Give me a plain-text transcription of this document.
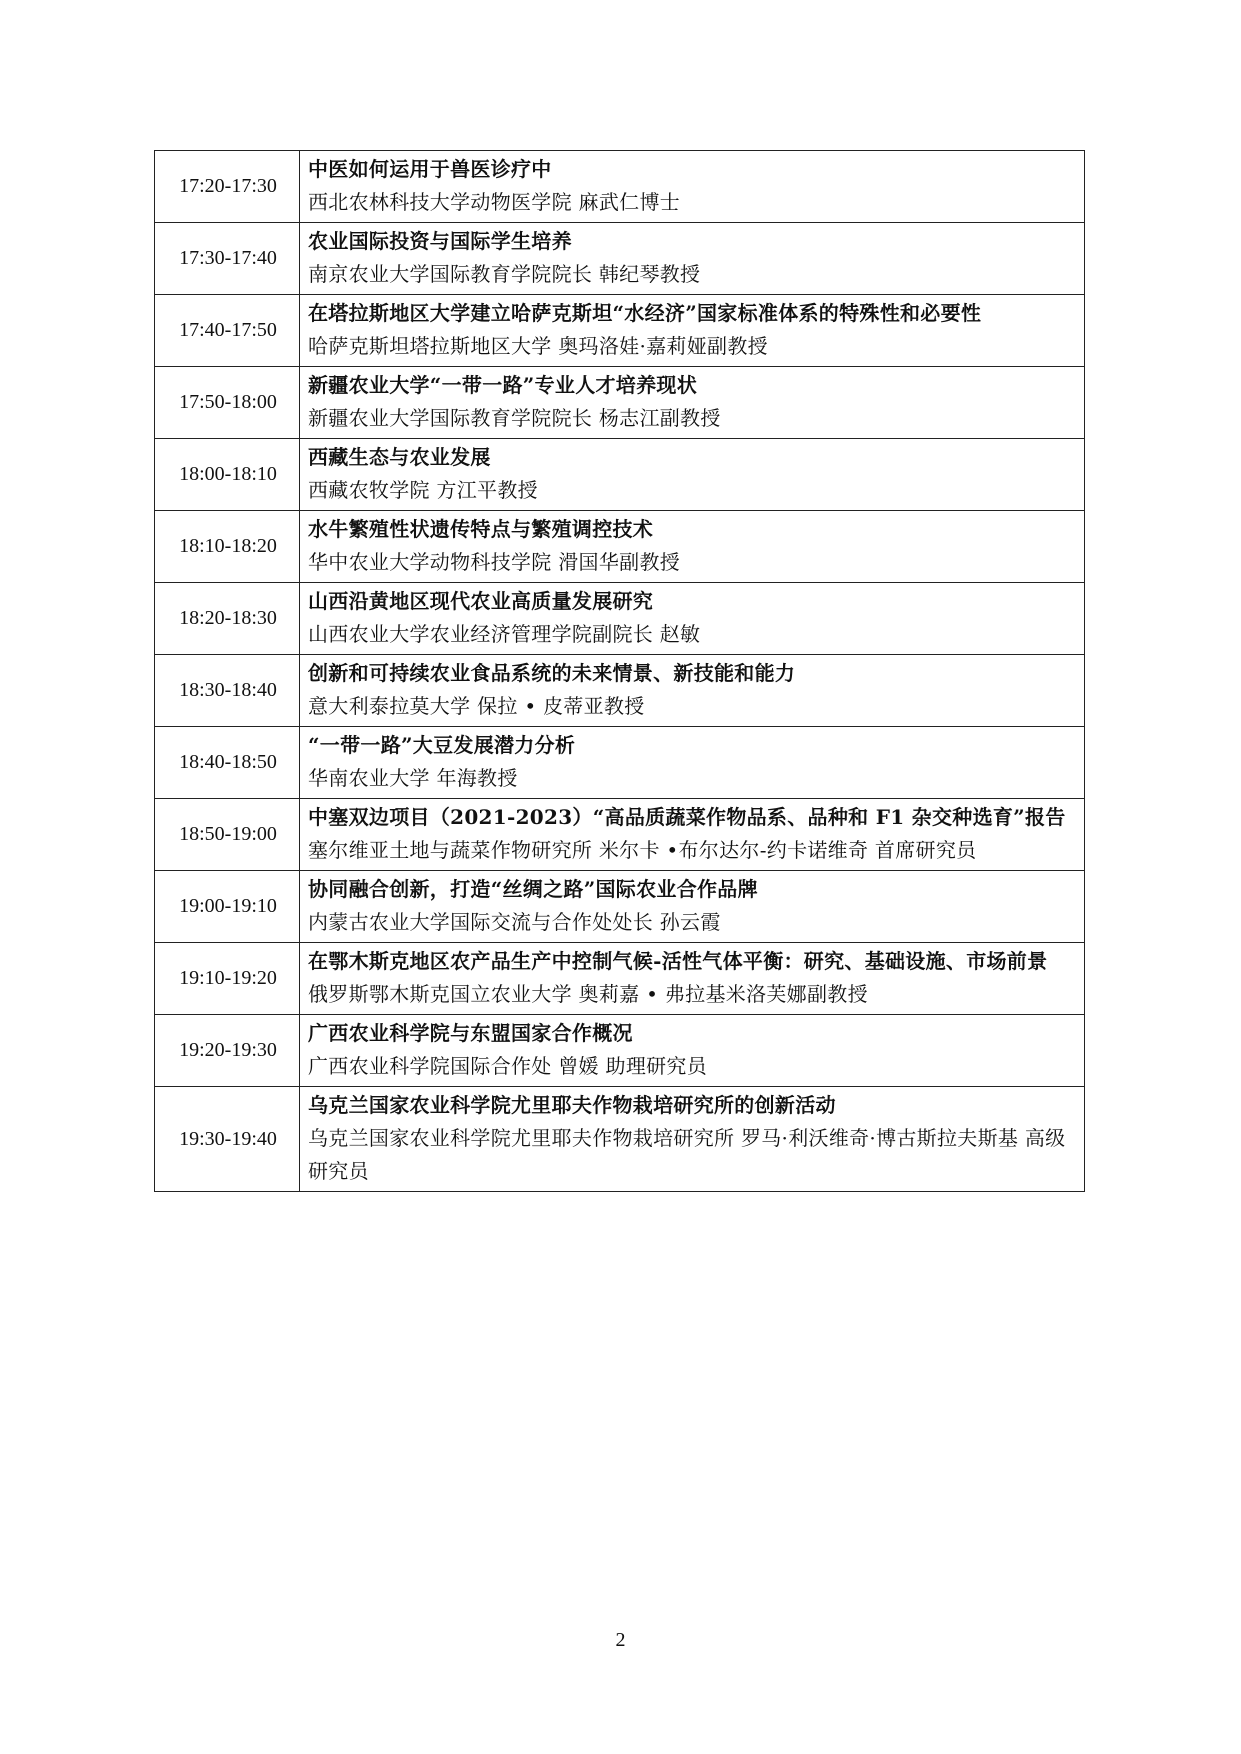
17:20-17:30	中医如何运用于兽医诊疗中
西北农林科技大学动物医学院 麻武仁博士

17:30-17:40	农业国际投资与国际学生培养
南京农业大学国际教育学院院长 韩纪琴教授

17:40-17:50	在塔拉斯地区大学建立哈萨克斯坦“水经济”国家标准体系的特殊性和必要性
哈萨克斯坦塔拉斯地区大学 奥玛洛娃·嘉莉娅副教授

17:50-18:00	新疆农业大学“一带一路”专业人才培养现状
新疆农业大学国际教育学院院长 杨志江副教授

18:00-18:10	西藏生态与农业发展
西藏农牧学院 方江平教授

18:10-18:20	水牛繁殖性状遗传特点与繁殖调控技术
华中农业大学动物科技学院 滑国华副教授

18:20-18:30	山西沿黄地区现代农业高质量发展研究
山西农业大学农业经济管理学院副院长 赵敏

18:30-18:40	创新和可持续农业食品系统的未来情景、新技能和能力
意大利泰拉莫大学 保拉 • 皮蒂亚教授

18:40-18:50	“一带一路”大豆发展潜力分析
华南农业大学 年海教授

18:50-19:00	中塞双边项目（2021-2023）“高品质蔬菜作物品系、品种和 F1 杂交种选育”报告
塞尔维亚土地与蔬菜作物研究所 米尔卡 •布尔达尔-约卡诺维奇 首席研究员

19:00-19:10	协同融合创新，打造“丝绸之路”国际农业合作品牌
内蒙古农业大学国际交流与合作处处长 孙云霞

19:10-19:20	在鄂木斯克地区农产品生产中控制气候-活性气体平衡：研究、基础设施、市场前景
俄罗斯鄂木斯克国立农业大学 奥莉嘉 • 弗拉基米洛芙娜副教授

19:20-19:30	广西农业科学院与东盟国家合作概况
广西农业科学院国际合作处 曾媛 助理研究员

19:30-19:40	乌克兰国家农业科学院尤里耶夫作物栽培研究所的创新活动
乌克兰国家农业科学院尤里耶夫作物栽培研究所 罗马·利沃维奇·博古斯拉夫斯基 高级研究员
2
